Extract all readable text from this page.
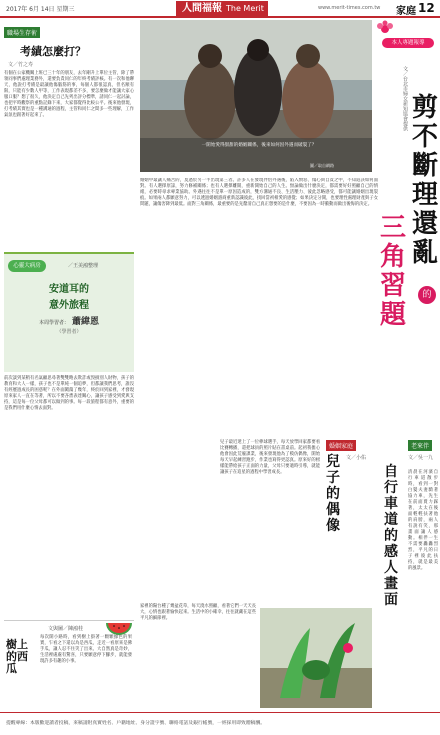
2017年 6月 14日 星期三	人間福報 The Merit	www.merit-times.com.tw 家庭 12
職場生存術
考績怎麼打？
文／竹之寿
有個在公家機關上班已三十年的朋友，去年剛升上單位主管，除了帶領同事們處理業務外，還要負責同仁的年終考績評核。有一次和他聊天，他說打考績是最讓他傷腦筋的事，每個人都很認真，但名額有限，只能有少數人甲等，工作表現都差不多，要怎麼做才能讓大家心服口服？想了很久，他決定自己先列出評分標準，請同仁一起討論，也把平時觀察的重點記錄下來，大家都覺得比較公平。後來他發現，打考績其實也是一種溝通的過程，主管和同仁之間多一些理解，工作氣氛也跟著好起來了。
心靈大病房	／王美鴻整理
安道耳的
意外旅程
本周學習者： 蕭緯恩
（學習者）
前次談到某稍有名氣顧思尋著雙雙飽去欺詐或毀損別人財物，孩子的教育和大人一樣，孩子也不是單純一個追夢，但都讓我們思考，誰沒有經歷過成長的困惑呢？在外面闖蕩了幾年，終於回到家裡，才發現原來家人一直在等著，所以不要吝嗇表達關心，讓孩子感受到愛與支持，這是每一位父母都可以做到的事。每一段旅程都有意外，重要的是我們用什麼心情去面對。
樹上的西瓜
文與圖／陳鴻桂
每次開小路時，看到樹上掛著一顆顆綠色的果實，乍看之下還以為是西瓜，走近一看原來是佛手瓜，讓人忍不住笑了出來。大自然真是奇妙，生活裡處處有驚喜，只要願意停下腳步，就能發現許多有趣的小事。
一開始愛得甜甜的婚姻關係，後來如何因外遇而破裂了？
圖／取自網路
本人專題報導
文／台北市婦女新知協會提供 剪不斷理還亂
三角習題
的
婚姻中最讓人痛苦的，莫過於另一半出現第三者。許多人在發現伴侶外遇後，陷入憤怒、傷心與自責之中，不知道該如何面對。有人選擇原諒，努力修補關係；也有人選擇離開，重新開始自己的人生。無論做出什麼決定，都需要好好照顧自己的情緒，必要時尋求專業協助。外遇往往不是單一原因造成的，雙方溝通不良、生活壓力、彼此忽略感受，都可能讓婚姻出現裂痕。如果兩人都願意努力，可以透過婚姻諮商重新認識彼此，找回當初相愛的感覺；如果決定分開，也要理性處理財產與子女問題，讓傷害降到最低。面對三角關係，最重要的是先釐清自己真正想要的是什麼，不要因為一時衝動而做出後悔的決定。
婚姻家庭
兒子的偶像
文／小佑
兒子最近迷上了一位棒球選手，每天放學回家都要看比賽轉播，還把球員的照片貼在書桌前。起初我擔心他會因此荒廢課業，後來發現他為了模仿偶像，開始每天早起練習跑步，作業也寫得更認真。原來好的榜樣能帶給孩子正面的力量，父母只要適時引導，就能讓孩子在追星的過程中學習成長。
老來伴
文／吳一九
自行車道的感人畫面
清晨在河濱自行車道散步時，看到一對白髮夫妻騎著協力車，先生在前面賣力踩著，太太在後面輕輕扶著他的肩膀，兩人有說有笑，那畫面讓人感動。相伴一生不需要轟轟烈烈，平凡的日子裡彼此扶持，就是最美的風景。
家裡的陽台種了幾盆花草，每天澆水照顧，看著它們一天天長大，心情也跟著愉快起來。生活中的小確幸，往往就藏在這些平凡的細節裡。
提醒專線：本版歡迎讀者投稿，來稿請附真實姓名、戶籍地址、身分證字號、聯絡電話及銀行帳號，一經採用即致贈稿酬。
